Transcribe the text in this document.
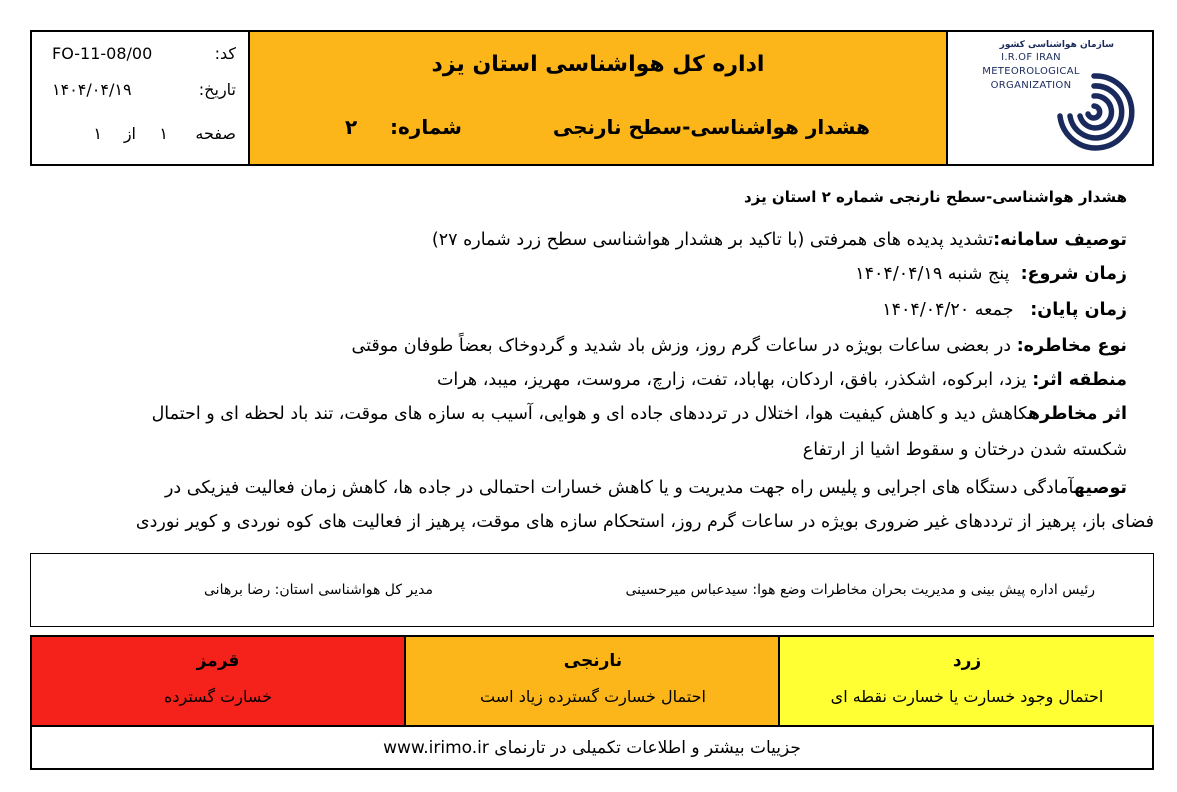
کد:
FO-11-08/00
تاریخ:
۱۴۰۴/۰۴/۱۹
صفحه
۱
از
۱
اداره کل هواشناسی استان یزد
هشدار هواشناسی-سطح نارنجی
شماره:
۲
سازمان هواشناسی کشور
I.R.OF IRAN
METEOROLOGICAL
ORGANIZATION
هشدار هواشناسی-سطح نارنجی شماره ۲ استان یزد
توصیف سامانه:تشدید پدیده های همرفتی (با تاکید بر هشدار هواشناسی سطح زرد شماره ۲۷)
زمان شروع:  پنج شنبه ۱۴۰۴/۰۴/۱۹
زمان پایان:   جمعه ۱۴۰۴/۰۴/۲۰
نوع مخاطره: در بعضی ساعات بویژه در ساعات گرم روز، وزش باد شدید و گردوخاک بعضاً طوفان موقتی
منطقه اثر: یزد، ابرکوه، اشکذر، بافق، اردکان، بهاباد، تفت، زارچ، مروست، مهریز، میبد، هرات
اثر مخاطرهکاهش دید و کاهش کیفیت هوا، اختلال در ترددهای جاده ای و هوایی، آسیب به سازه های موقت، تند باد لحظه ای و احتمال
شکسته شدن درختان و سقوط اشیا از ارتفاع
توصیهآمادگی دستگاه های اجرایی و پلیس راه جهت مدیریت و یا کاهش خسارات احتمالی در جاده ها، کاهش زمان فعالیت فیزیکی در
فضای باز، پرهیز از ترددهای غیر ضروری بویژه در ساعات گرم روز، استحکام سازه های موقت، پرهیز از فعالیت های کوه نوردی و کویر نوردی
رئیس اداره پیش بینی و مدیریت بحران مخاطرات وضع هوا: سیدعباس میرحسینی
مدیر کل هواشناسی استان: رضا برهانی
قرمز
خسارت گسترده
نارنجی
احتمال خسارت گسترده زیاد است
زرد
احتمال وجود خسارت یا خسارت نقطه ای
جزییات بیشتر و اطلاعات تکمیلی در تارنمای www.irimo.ir
